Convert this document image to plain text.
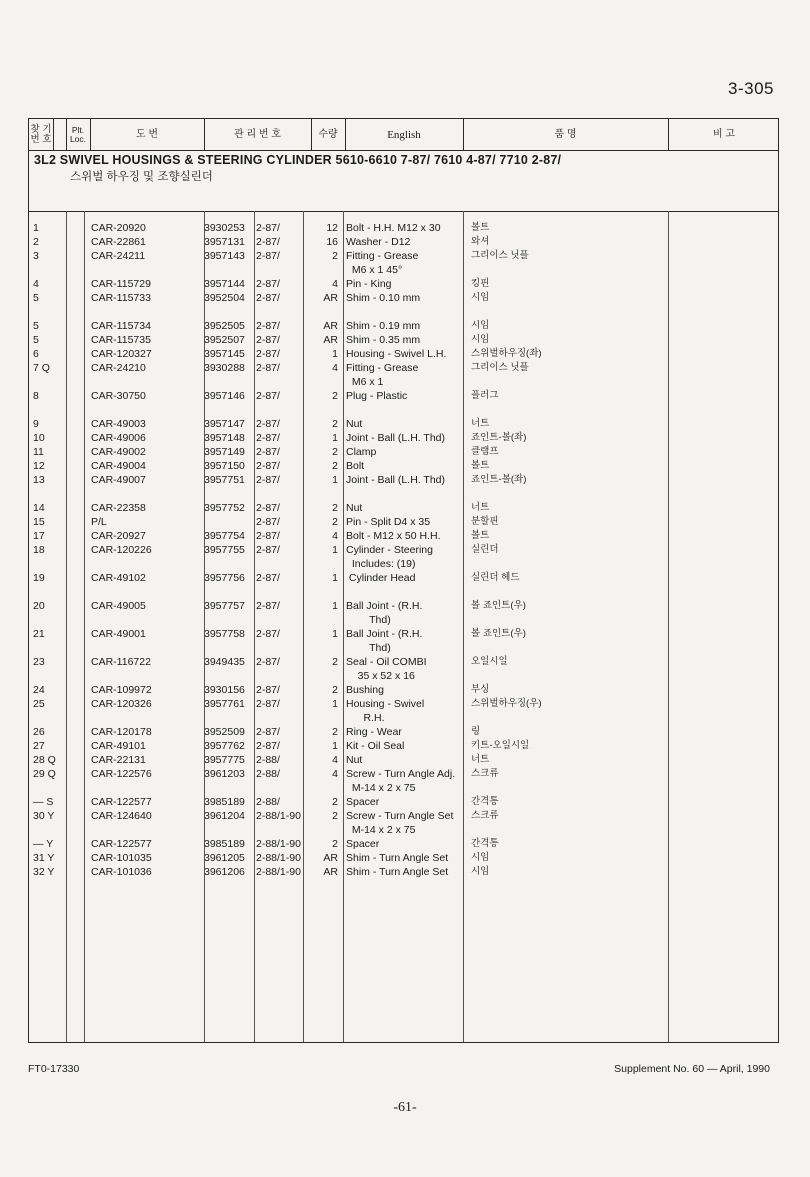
3-305
찾 기
번 호
Plt.
Loc.	도 번	관 리 번 호	수량	English	품 명	비 고
3L2 SWIVEL HOUSINGS & STEERING CYLINDER 5610-6610 7-87/ 7610 4-87/ 7710 2-87/
스위벌 하우징 및 조향실린더
1	CAR-20920	3930253 2-87/	12 Bolt - H.H. M12 x 30	볼트
2	CAR-22861	3957131 2-87/	16 Washer - D12	와셔
3	CAR-24211	3957143 2-87/	2 Fitting - Grease	그리이스 닛플
M6 x 1 45°
4	CAR-115729	3957144 2-87/	4 Pin - King	킹핀
5	CAR-115733	3952504 2-87/	AR Shim - 0.10 mm	시임
5	CAR-115734	3952505 2-87/	AR Shim - 0.19 mm	시임
5	CAR-115735	3952507 2-87/	AR Shim - 0.35 mm	시임
6	CAR-120327	3957145 2-87/	1 Housing - Swivel L.H.	스위벌하우징(좌)
7 Q	CAR-24210	3930288 2-87/	4 Fitting - Grease	그리이스 닛플
M6 x 1
8	CAR-30750	3957146 2-87/	2 Plug - Plastic	플러그
9	CAR-49003	3957147 2-87/	2 Nut	너트
10	CAR-49006	3957148 2-87/	1 Joint - Ball (L.H. Thd)	죠인트-볼(좌)
11	CAR-49002	3957149 2-87/	2 Clamp	클램프
12	CAR-49004	3957150 2-87/	2 Bolt	볼트
13	CAR-49007	3957751 2-87/	1 Joint - Ball (L.H. Thd)	죠인트-볼(좌)
14	CAR-22358	3957752 2-87/	2 Nut	너트
15	P/L	2-87/	2 Pin - Split D4 x 35	분할핀
17	CAR-20927	3957754 2-87/	4 Bolt - M12 x 50 H.H.	볼트
18	CAR-120226	3957755 2-87/	1 Cylinder - Steering	실린더
Includes: (19)
19	CAR-49102	3957756 2-87/	1 Cylinder Head	실린더 헤드
20	CAR-49005	3957757 2-87/	1 Ball Joint - (R.H.	볼 죠인트(우)
Thd)
21	CAR-49001	3957758 2-87/	1 Ball Joint - (R.H.	볼 죠인트(우)
Thd)
23	CAR-116722	3949435 2-87/	2 Seal - Oil COMBI	오일시일
35 x 52 x 16
24	CAR-109972	3930156 2-87/	2 Bushing	부싱
25	CAR-120326	3957761 2-87/	1 Housing - Swivel	스위벌하우징(우)
R.H.
26	CAR-120178	3952509 2-87/	2 Ring - Wear	링
27	CAR-49101	3957762 2-87/	1 Kit - Oil Seal	키트-오일시일
28 Q	CAR-22131	3957775 2-88/	4 Nut	너트
29 Q	CAR-122576	3961203 2-88/	4 Screw - Turn Angle Adj. 스크류
M-14 x 2 x 75
— S	CAR-122577	3985189 2-88/	2 Spacer	간격통
30 Y	CAR-124640	3961204 2-88/1-90	2 Screw - Turn Angle Set 스크류
M-14 x 2 x 75
— Y	CAR-122577	3985189 2-88/1-90	2 Spacer	간격통
31 Y	CAR-101035	3961205 2-88/1-90	AR Shim - Turn Angle Set 시임
32 Y	CAR-101036	3961206 2-88/1-90	AR Shim - Turn Angle Set 시임
FT0-17330	Supplement No. 60 — April, 1990
-61-
